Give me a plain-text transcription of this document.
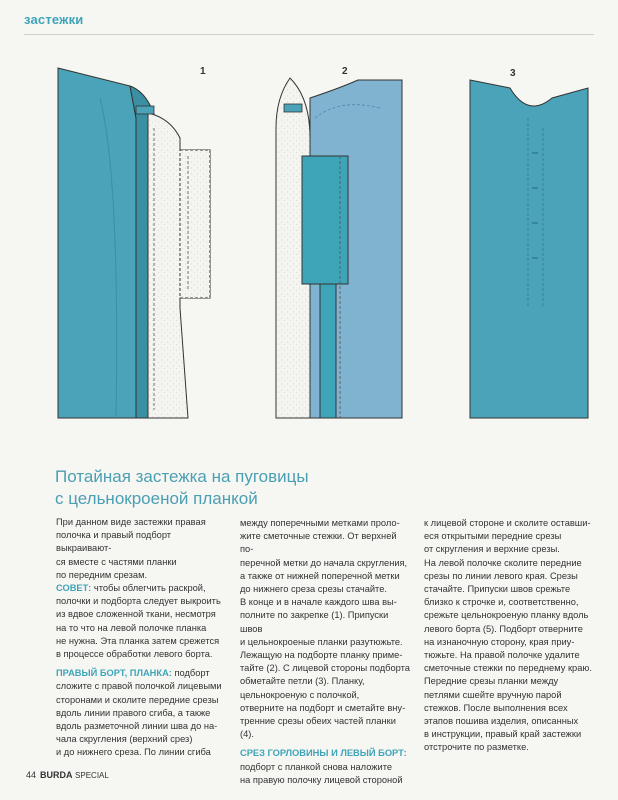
застежки
1	2	3
Потайная застежка на пуговицы
с цельнокроеной планкой

При данном виде застежки правая
полочка и правый подборт выкраивают-
ся вместе с частями планки
по передним срезам.

СОВЕТ: чтобы облегчить раскрой,
полочки и подборта следует выкроить
из вдвое сложенной ткани, несмотря
на то что на левой полочке планка
не нужна. Эта планка затем срежется
в процессе обработки левого борта.

ПРАВЫЙ БОРТ, ПЛАНКА: подборт
сложите с правой полочкой лицевыми
сторонами и сколите передние срезы
вдоль линии правого сгиба, а также
вдоль разметочной линии шва до на-
чала скругления (верхний срез)
и до нижнего среза. По линии сгиба

между поперечными метками проло-
жите сметочные стежки. От верхней по-
перечной метки до начала скругления,
а также от нижней поперечной метки
до нижнего среза срезы стачайте.
В конце и в начале каждого шва вы-
полните по закрепке (1). Припуски швов
и цельнокроеные планки разутюжьте.
Лежащую на подборте планку приме-
тайте (2). С лицевой стороны подборта
обметайте петли (3). Планку,
цельнокроеную с полочкой,
отверните на подборт и сметайте вну-
тренние срезы обеих частей планки (4).

СРЕЗ ГОРЛОВИНЫ И ЛЕВЫЙ БОРТ:
подборт с планкой снова наложите
на правую полочку лицевой стороной

к лицевой стороне и сколите оставши-
еся открытыми передние срезы
от скругления и верхние срезы.
На левой полочке сколите передние
срезы по линии левого края. Срезы
стачайте. Припуски швов срежьте
близко к строчке и, соответственно,
срежьте цельнокроеную планку вдоль
левого борта (5). Подборт отверните
на изнаночную сторону, края приу-
тюжьте. На правой полочке удалите
сметочные стежки по переднему краю.
Передние срезы планки между
петлями сшейте вручную парой
стежков. После выполнения всех
этапов пошива изделия, описанных
в инструкции, правый край застежки
отстрочите по разметке.

44 BURDA SPECIAL
